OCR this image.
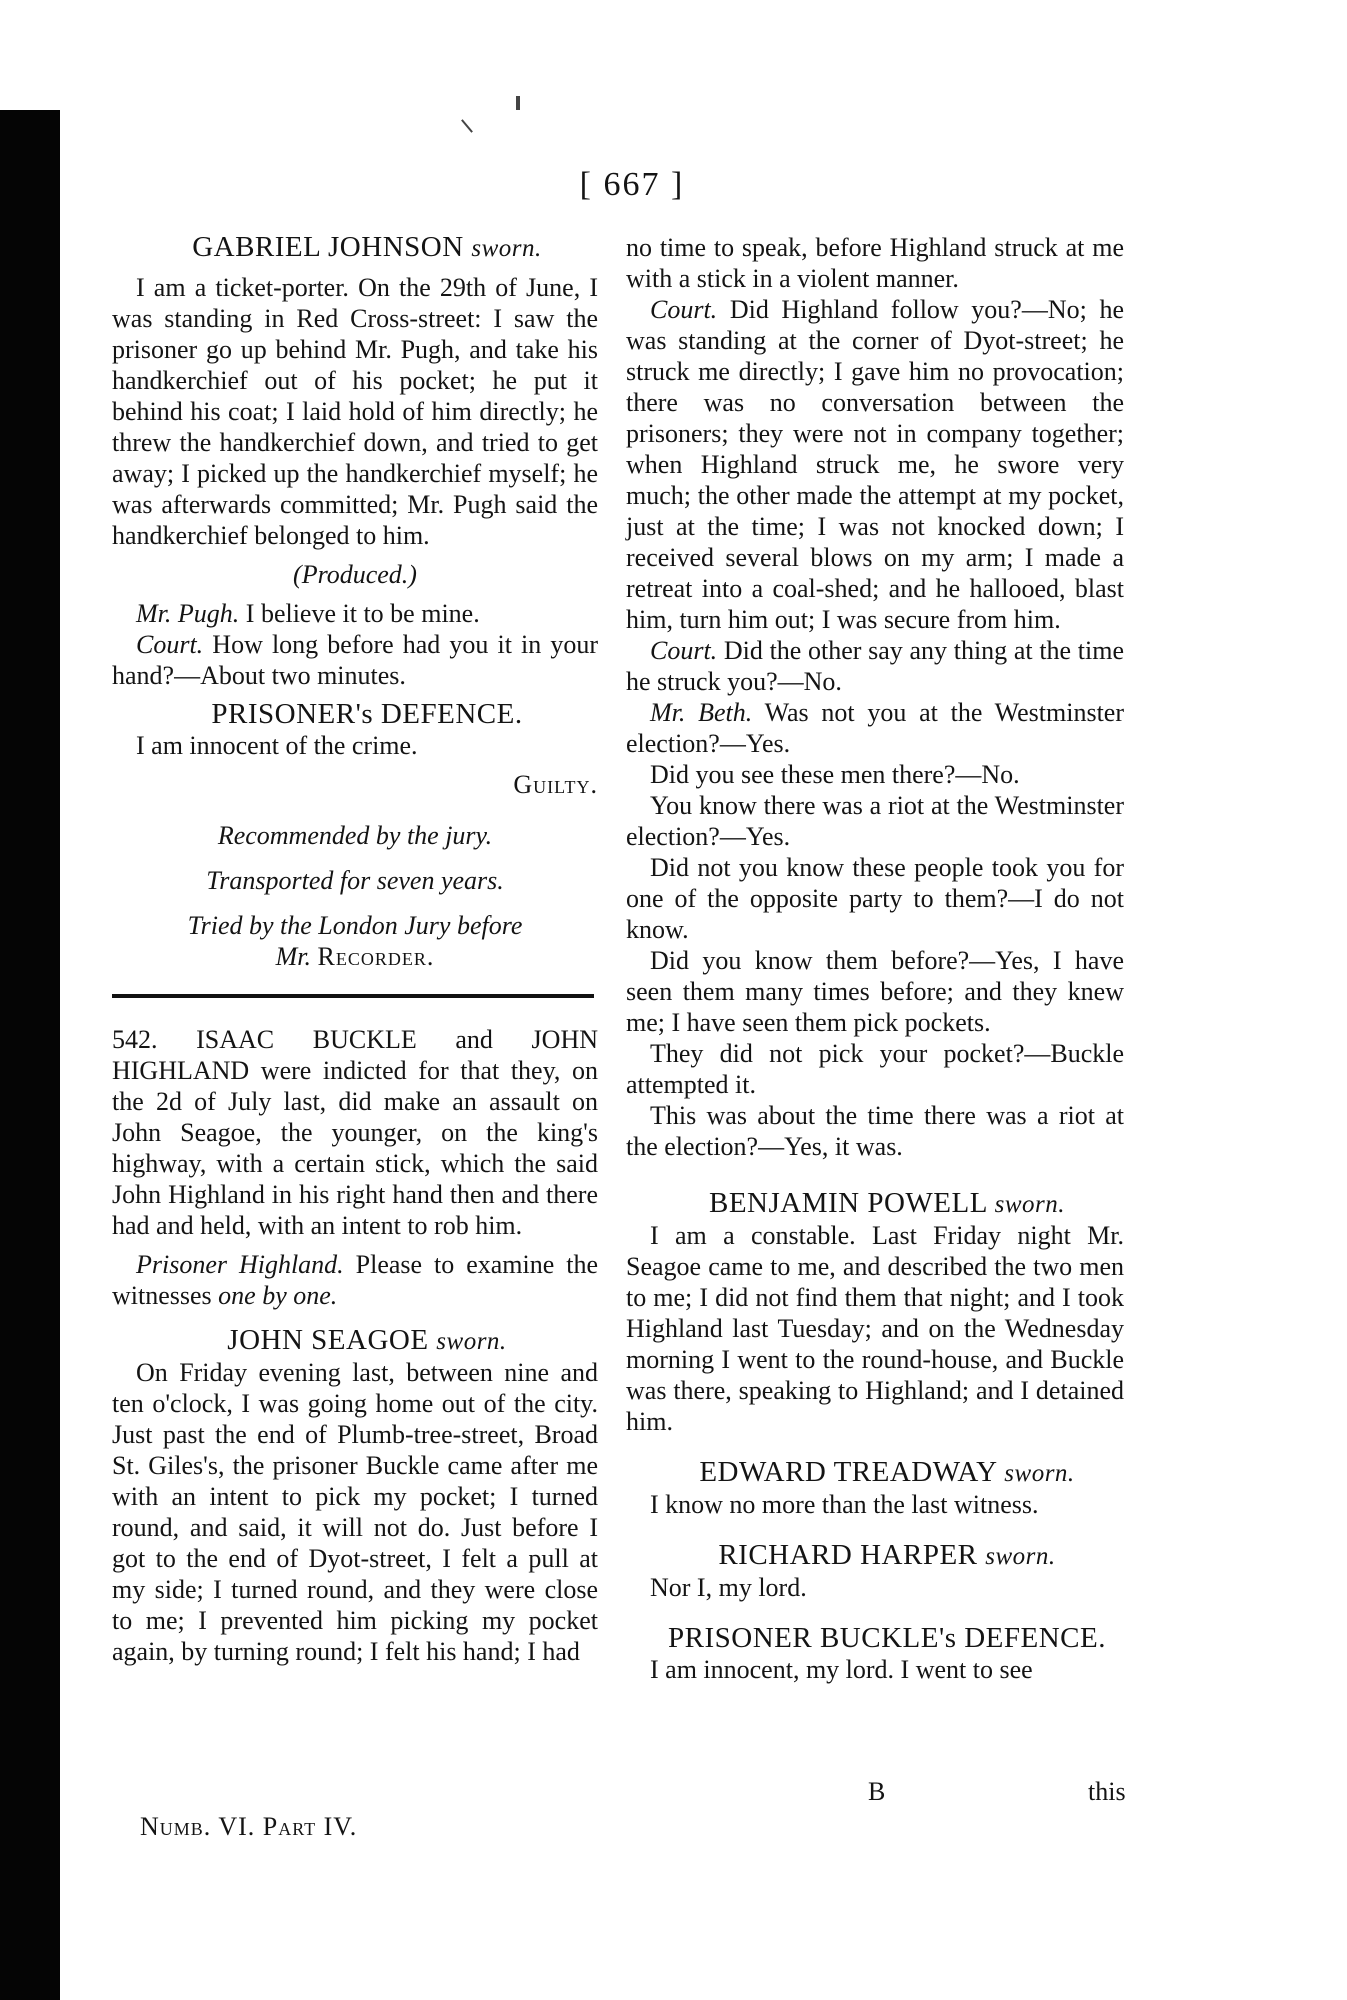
[ 667 ]

GABRIEL JOHNSON sworn.

I am a ticket-porter. On the 29th of June, I was standing in Red Cross-street: I saw the prisoner go up behind Mr. Pugh, and take his handkerchief out of his pocket; he put it behind his coat; I laid hold of him directly; he threw the handkerchief down, and tried to get away; I picked up the handkerchief myself; he was afterwards committed; Mr. Pugh said the handkerchief belonged to him.

(Produced.)

Mr. Pugh. I believe it to be mine.

Court. How long before had you it in your hand?—About two minutes.

PRISONER's DEFENCE.

I am innocent of the crime.

Guilty.

Recommended by the jury.

Transported for seven years.

Tried by the London Jury before

Mr. Recorder.

542. ISAAC BUCKLE and JOHN HIGHLAND were indicted for that they, on the 2d of July last, did make an assault on John Seagoe, the younger, on the king's highway, with a certain stick, which the said John Highland in his right hand then and there had and held, with an intent to rob him.

Prisoner Highland. Please to examine the witnesses one by one.

JOHN SEAGOE sworn.

On Friday evening last, between nine and ten o'clock, I was going home out of the city. Just past the end of Plumb-tree-street, Broad St. Giles's, the prisoner Buckle came after me with an intent to pick my pocket; I turned round, and said, it will not do. Just before I got to the end of Dyot-street, I felt a pull at my side; I turned round, and they were close to me; I prevented him picking my pocket again, by turning round; I felt his hand; I had

no time to speak, before Highland struck at me with a stick in a violent manner.

Court. Did Highland follow you?—No; he was standing at the corner of Dyot-street; he struck me directly; I gave him no provocation; there was no conversation between the prisoners; they were not in company together; when Highland struck me, he swore very much; the other made the attempt at my pocket, just at the time; I was not knocked down; I received several blows on my arm; I made a retreat into a coal-shed; and he hallooed, blast him, turn him out; I was secure from him.

Court. Did the other say any thing at the time he struck you?—No.

Mr. Beth. Was not you at the Westminster election?—Yes.

Did you see these men there?—No.

You know there was a riot at the Westminster election?—Yes.

Did not you know these people took you for one of the opposite party to them?—I do not know.

Did you know them before?—Yes, I have seen them many times before; and they knew me; I have seen them pick pockets.

They did not pick your pocket?—Buckle attempted it.

This was about the time there was a riot at the election?—Yes, it was.

BENJAMIN POWELL sworn.

I am a constable. Last Friday night Mr. Seagoe came to me, and described the two men to me; I did not find them that night; and I took Highland last Tuesday; and on the Wednesday morning I went to the round-house, and Buckle was there, speaking to Highland; and I detained him.

EDWARD TREADWAY sworn.

I know no more than the last witness.

RICHARD HARPER sworn.

Nor I, my lord.

PRISONER BUCKLE's DEFENCE.

I am innocent, my lord. I went to see

Numb. VI. Part IV.
B	this
